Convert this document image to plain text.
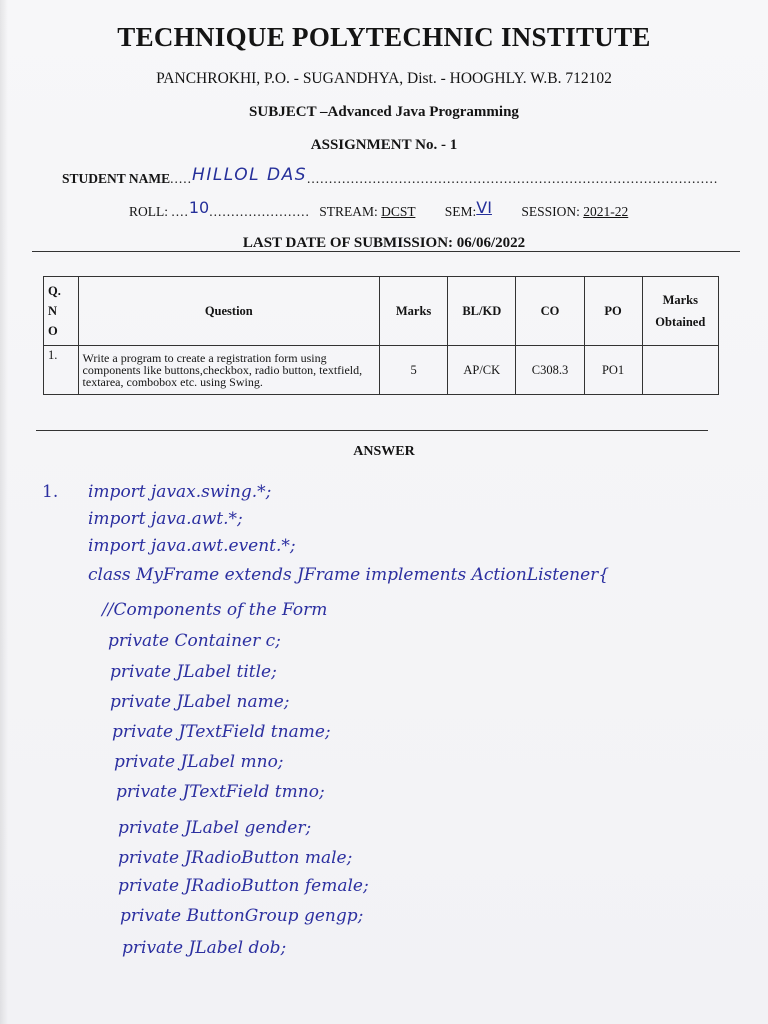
TECHNIQUE POLYTECHNIC INSTITUTE
PANCHROKHI, P.O. - SUGANDHYA, Dist. - HOOGHLY. W.B. 712102
SUBJECT –Advanced Java Programming
ASSIGNMENT No. - 1
STUDENT NAME.....HILLOL DAS..............................................................................................
ROLL: ....10....................... STREAM: DCST SEM:VI SESSION: 2021-22
LAST DATE OF SUBMISSION: 06/06/2022
Q.
N
O	Question	Marks	BL/KD	CO	PO	Marks
Obtained
1.	Write a program to create a registration form using components like buttons,checkbox, radio button, textfield, textarea, combobox etc. using Swing.	5	AP/CK	C308.3	PO1	
ANSWER
1. import javax.swing.*;
import java.awt.*;
import java.awt.event.*;
class MyFrame extends JFrame implements ActionListener{
//Components of the Form
private Container c;
private JLabel title;
private JLabel name;
private JTextField tname;
private JLabel mno;
private JTextField tmno;
private JLabel gender;
private JRadioButton male;
private JRadioButton female;
private ButtonGroup gengp;
private JLabel dob;
